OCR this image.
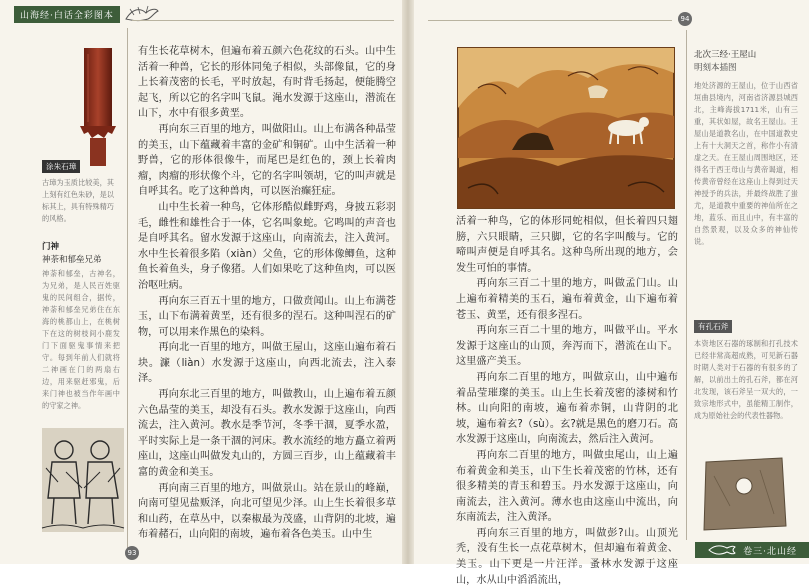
山海经·白话全彩图本
涂朱石璋
古璋为玉质比较美，其上刻有红色朱砂，是以标其上，具有特殊精巧的风格。
门神
神荼和郁垒兄弟
神荼和郁垒，古神名，为兄弟，是人民百姓驱鬼的民间组合，据传，神荼和郁垒兄弟住在东海的桃都山上，在桃树下在这的树枝间小鹿发门下面驱鬼事情来把守。每到年前人们就将二神画在门的两扇右边，用来驱赶邪鬼，后来门神也被当作年画中的守家之神。

有生长花草树木，但遍布着五颜六色花纹的石头。山中生活着一种兽，它长的形体同兔子相似，头部像鼠，它的身上长着茂密的长毛，平时放起，有时背毛扬起，便能腾空起飞，所以它的名字叫飞鼠。渑水发源于这座山，潜流在山下，水中有很多黄垩。

再向东三百里的地方，叫做阳山。山上布满各种晶莹的美玉，山下蕴藏着丰富的金矿和铜矿。山中生活着一种野兽，它的形体很像牛，而尾巴是红色的，颈上长着肉瘤，肉瘤的形状像个斗，它的名字叫领胡，它的叫声就是自呼其名。吃了这种兽肉，可以医治癫狂症。

山中生长着一种鸟，它体形酷似雌野鸡，身披五彩羽毛，雌性和雄性合于一体，它名叫象蛇。它鸣叫的声音也是自呼其名。留水发源于这座山，向南流去，注入黄河。水中生长着很多陷（xiàn）父鱼，它的形体像鲫鱼，这种鱼长着鱼头，身子像猪。人们如果吃了这种鱼肉，可以医治呕吐病。

再向东三百五十里的地方，口做贲闻山。山上布满苍玉，山下布满着黄垩，还有很多的涅石。这种叫涅石的矿物，可以用来作黑色的染料。

再向北一百里的地方，叫做王屋山，这座山遍布着石块。濂（liàn）水发源于这座山，向西北流去，注入泰泽。

再向东北三百里的地方，叫做教山，山上遍布着五颜六色晶莹的美玉，却没有石头。教水发源于这座山，向西流去，注入黄河。教水是季节河，冬季干涸，夏季水盈，平时实际上是一条干涸的河床。教水流经的地方矗立着两座山，这座山叫做发丸山的，方圆三百步，山上蕴藏着丰富的黄金和美玉。

再向南三百里的地方，叫做景山。站在景山的峰巅，向南可望见盐贩泽，向北可望见少泽。山上生长着很多草和山药，在草丛中，以秦椒最为茂盛，山背阴的北坡，遍布着赭石，山向阳的南坡，遍布着各色美玉。山中生

93
94
北次三经·王屋山
明刻本插图
地处济源的王屋山，位于山西省垣曲县境内，河南省济源县城西北，主峰海拔1711米，山有三重，其状如屋，故名王屋山。王屋山是道教名山，在中国道教史上有十大洞天之首，称作小有清虚之天。在王屋山周围地区，还得名于西王母山与黄帝谒道，相传黄帝曾经在这座山上得到过天神授予的兵法，并最终战胜了蚩尤，是道教中重要的神仙所在之地，蓝乐、而且山中，有丰富的自然景观，以及众多的神仙传说。
有孔石斧
本资地区石器的琢制和打孔技术已经非常高超成熟，可见新石器时期人类对于石器的有很多的了解，以前出土的孔石斧，都在河北发现，该石斧呈一双大的，一致宗地形式中，虽能精工制作，成为原始社会的代表性器物。

活着一种鸟，它的体形同蛇相似，但长着四只翅膀，六只眼睛，三只脚，它的名字叫酸与。它的啼叫声便是自呼其名。这种鸟所出现的地方，会发生可怕的事情。

再向东三百二十里的地方，叫做孟门山。山上遍布着精美的玉石，遍布着黄金，山下遍布着苍玉、黄垩，还有很多涅石。

再向东三百二十里的地方，叫做平山。平水发源于这座山的山顶，奔泻而下，潜流在山下。这里盛产美玉。

再向东二百里的地方，叫做京山，山中遍布着品莹璀璨的美玉。山上生长着茂密的漆树和竹林。山向阳的南坡，遍布着赤铜，山背阴的北坡，遍布着玄?（sù）。玄?就是黑色的磨刀石。高水发源于这座山，向南流去，然后注入黄河。

再向东二百里的地方，叫做虫尾山，山上遍布着黄金和美玉，山下生长着茂密的竹林，还有很多精美的青玉和碧玉。丹水发源于这座山，向南流去，注入黄河。薄水也由这座山中流出，向东南流去，注入黄泽。

再向东三百里的地方，叫做彭?山。山顶光秃，没有生长一点花草树木，但却遍布着黄金、美玉。山下更是一片汪洋。蚤林水发源于这座山，水从山中滔滔流出，

卷三·北山经
